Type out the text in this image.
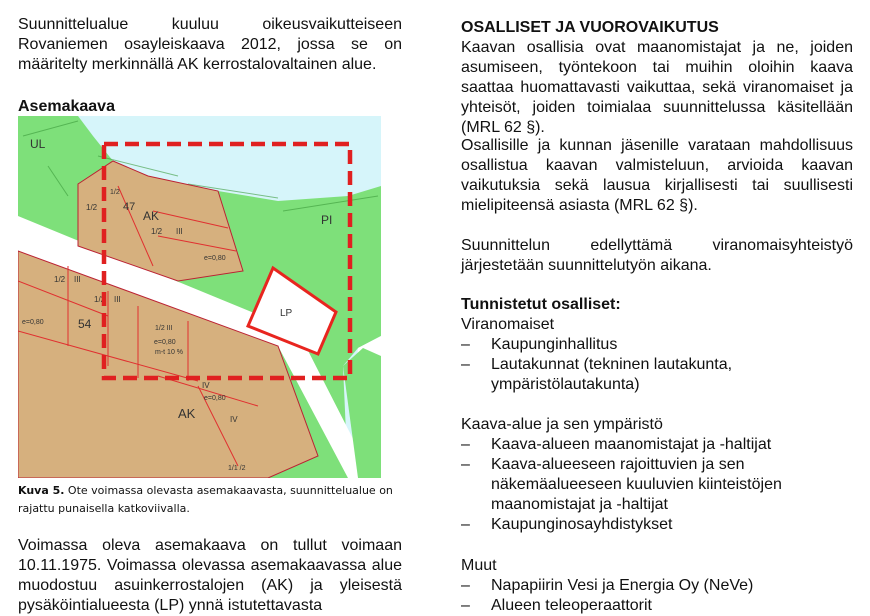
Suunnittelualue kuuluu oikeusvaikutteiseen Rovaniemen osayleiskaava 2012, jossa se on määritelty merkinnällä AK kerrostalovaltainen alue.

Asemakaava

UL
PI
AK
AK
LP
47
54
1/2
1/2
1/2
1/2
III
III
III
IV
IV
e=0,80
e=0,80
e=0,80
e=0,80
1/2 III
m-t 10 %
1/1 /2
1/2
Kuva 5. Ote voimassa olevasta asemakaavasta, suunnittelualue on rajattu punaisella katkoviivalla.

Voimassa oleva asemakaava on tullut voimaan 10.11.1975. Voimassa olevassa asemakaavassa alue muodostuu asuinkerrostalojen (AK) ja yleisestä pysäköintialueesta (LP) ynnä istutettavasta

OSALLISET JA VUOROVAIKUTUS

Kaavan osallisia ovat maanomistajat ja ne, joiden asumiseen, työntekoon tai muihin oloihin kaava saattaa huomattavasti vaikuttaa, sekä viranomaiset ja yhteisöt, joiden toimialaa suunnittelussa käsitellään (MRL 62 §).

Osallisille ja kunnan jäsenille varataan mahdollisuus osallistua kaavan valmisteluun, arvioida kaavan vaikutuksia sekä lausua kirjallisesti tai suullisesti mielipiteensä asiasta (MRL 62 §).

Suunnittelun edellyttämä viranomaisyhteistyö järjestetään suunnittelutyön aikana.

Tunnistetut osalliset:

Viranomaiset

– Kaupunginhallitus

– Lautakunnat (tekninen lautakunta, ympäristölautakunta)

Kaava-alue ja sen ympäristö

– Kaava-alueen maanomistajat ja -haltijat

– Kaava-alueeseen rajoittuvien ja sen näkemäalueeseen kuuluvien kiinteistöjen maanomistajat ja -haltijat

– Kaupunginosayhdistykset

Muut

– Napapiirin Vesi ja Energia Oy (NeVe)

– Alueen teleoperaattorit
